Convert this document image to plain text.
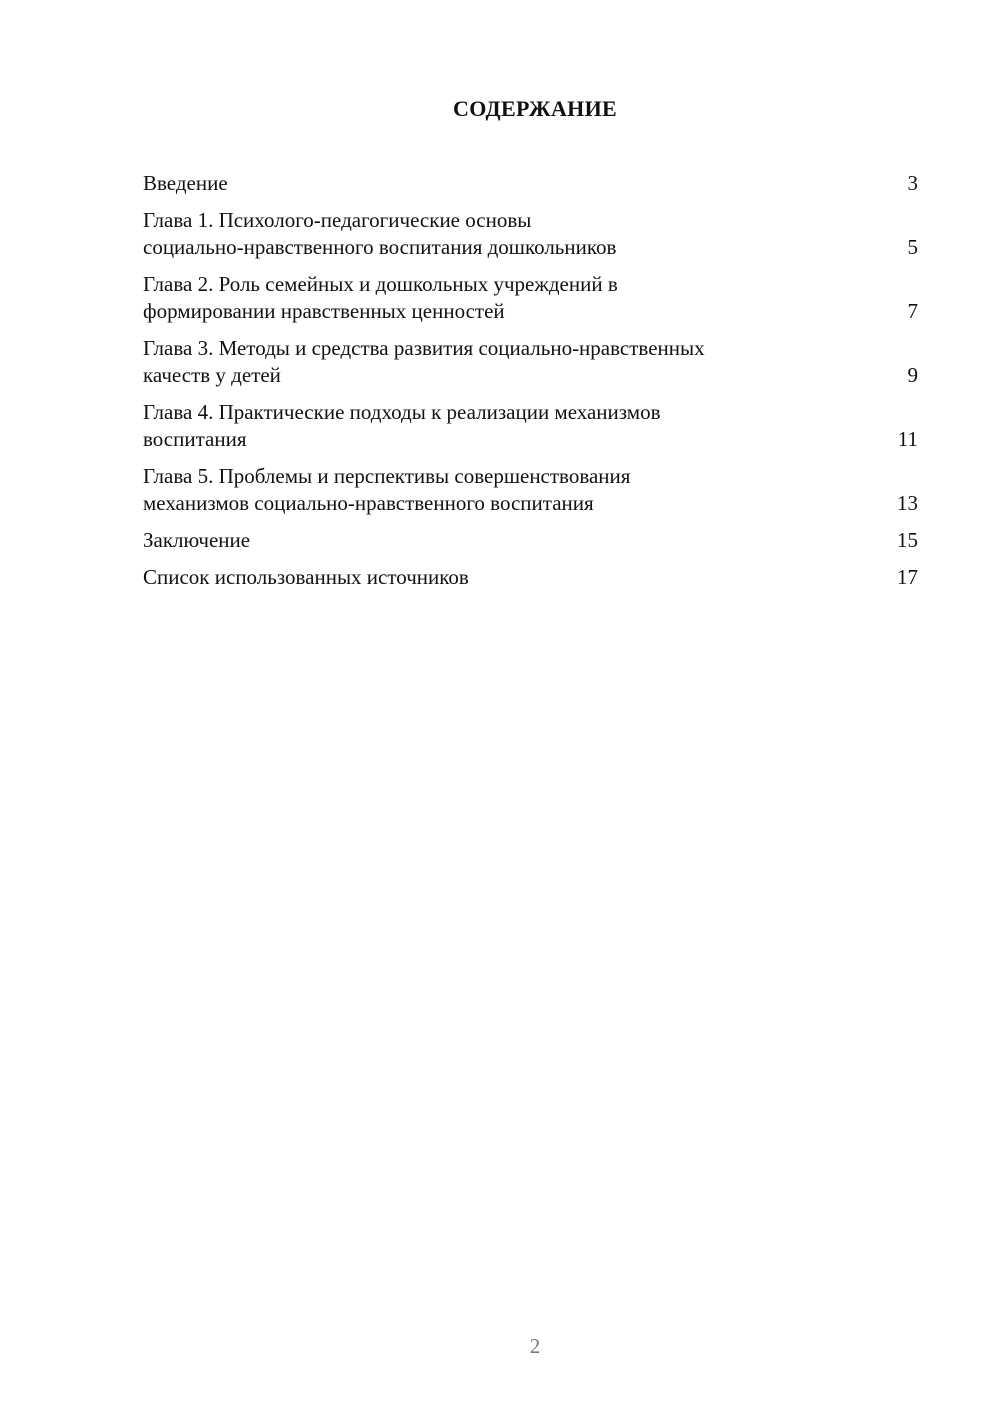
СОДЕРЖАНИЕ
Введение	3
Глава 1. Психолого-педагогические основы
социально-нравственного воспитания дошкольников	5
Глава 2. Роль семейных и дошкольных учреждений в
формировании нравственных ценностей	7
Глава 3. Методы и средства развития социально-нравственных
качеств у детей	9
Глава 4. Практические подходы к реализации механизмов
воспитания	11
Глава 5. Проблемы и перспективы совершенствования
механизмов социально-нравственного воспитания	13
Заключение	15
Список использованных источников	17
2
